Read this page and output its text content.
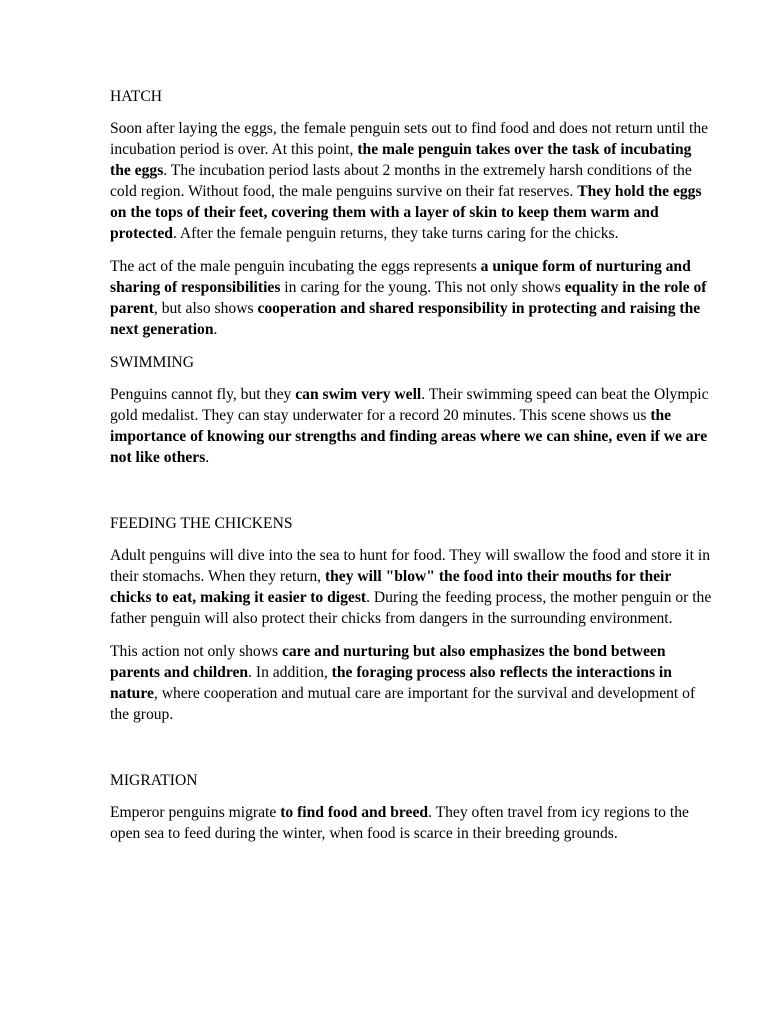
HATCH

Soon after laying the eggs, the female penguin sets out to find food and does not return until the incubation period is over. At this point, the male penguin takes over the task of incubating the eggs. The incubation period lasts about 2 months in the extremely harsh conditions of the cold region. Without food, the male penguins survive on their fat reserves. They hold the eggs on the tops of their feet, covering them with a layer of skin to keep them warm and protected. After the female penguin returns, they take turns caring for the chicks.

The act of the male penguin incubating the eggs represents a unique form of nurturing and sharing of responsibilities in caring for the young. This not only shows equality in the role of parent, but also shows cooperation and shared responsibility in protecting and raising the next generation.

SWIMMING

Penguins cannot fly, but they can swim very well. Their swimming speed can beat the Olympic gold medalist. They can stay underwater for a record 20 minutes. This scene shows us the importance of knowing our strengths and finding areas where we can shine, even if we are not like others.

FEEDING THE CHICKENS

Adult penguins will dive into the sea to hunt for food. They will swallow the food and store it in their stomachs. When they return, they will "blow" the food into their mouths for their chicks to eat, making it easier to digest. During the feeding process, the mother penguin or the father penguin will also protect their chicks from dangers in the surrounding environment.

This action not only shows care and nurturing but also emphasizes the bond between parents and children. In addition, the foraging process also reflects the interactions in nature, where cooperation and mutual care are important for the survival and development of the group.

MIGRATION

Emperor penguins migrate to find food and breed. They often travel from icy regions to the open sea to feed during the winter, when food is scarce in their breeding grounds.
